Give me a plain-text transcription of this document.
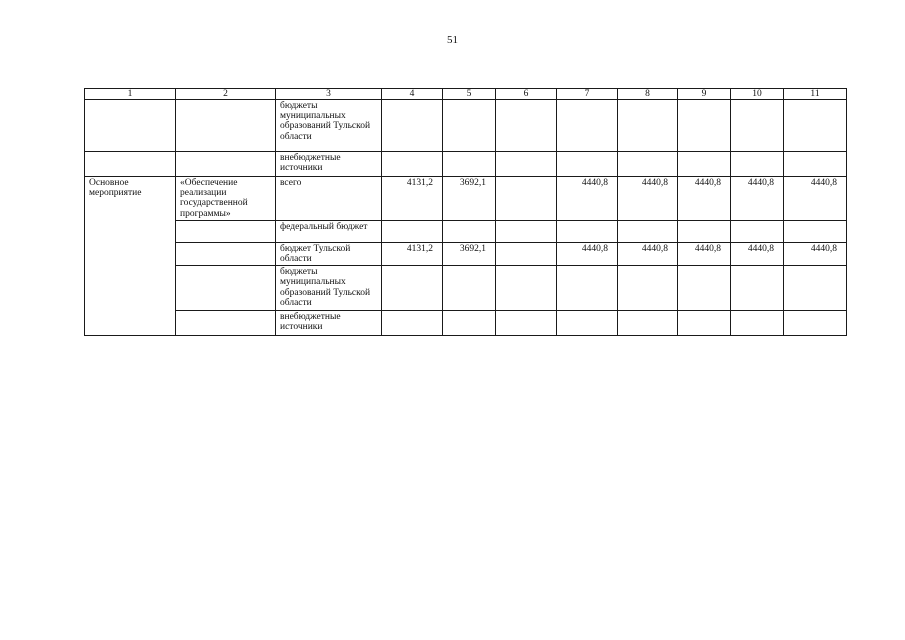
51
1	2	3	4	5	6	7	8	9	10	11
		бюджеты муниципальных образований Тульской области								
		внебюджетные источники								
Основное мероприятие	«Обеспечение реализации государственной программы»	всего	4131,2	3692,1		4440,8	4440,8	4440,8	4440,8	4440,8
		федеральный бюджет								
		бюджет Тульской области	4131,2	3692,1		4440,8	4440,8	4440,8	4440,8	4440,8
		бюджеты муниципальных образований Тульской области								
		внебюджетные источники								
